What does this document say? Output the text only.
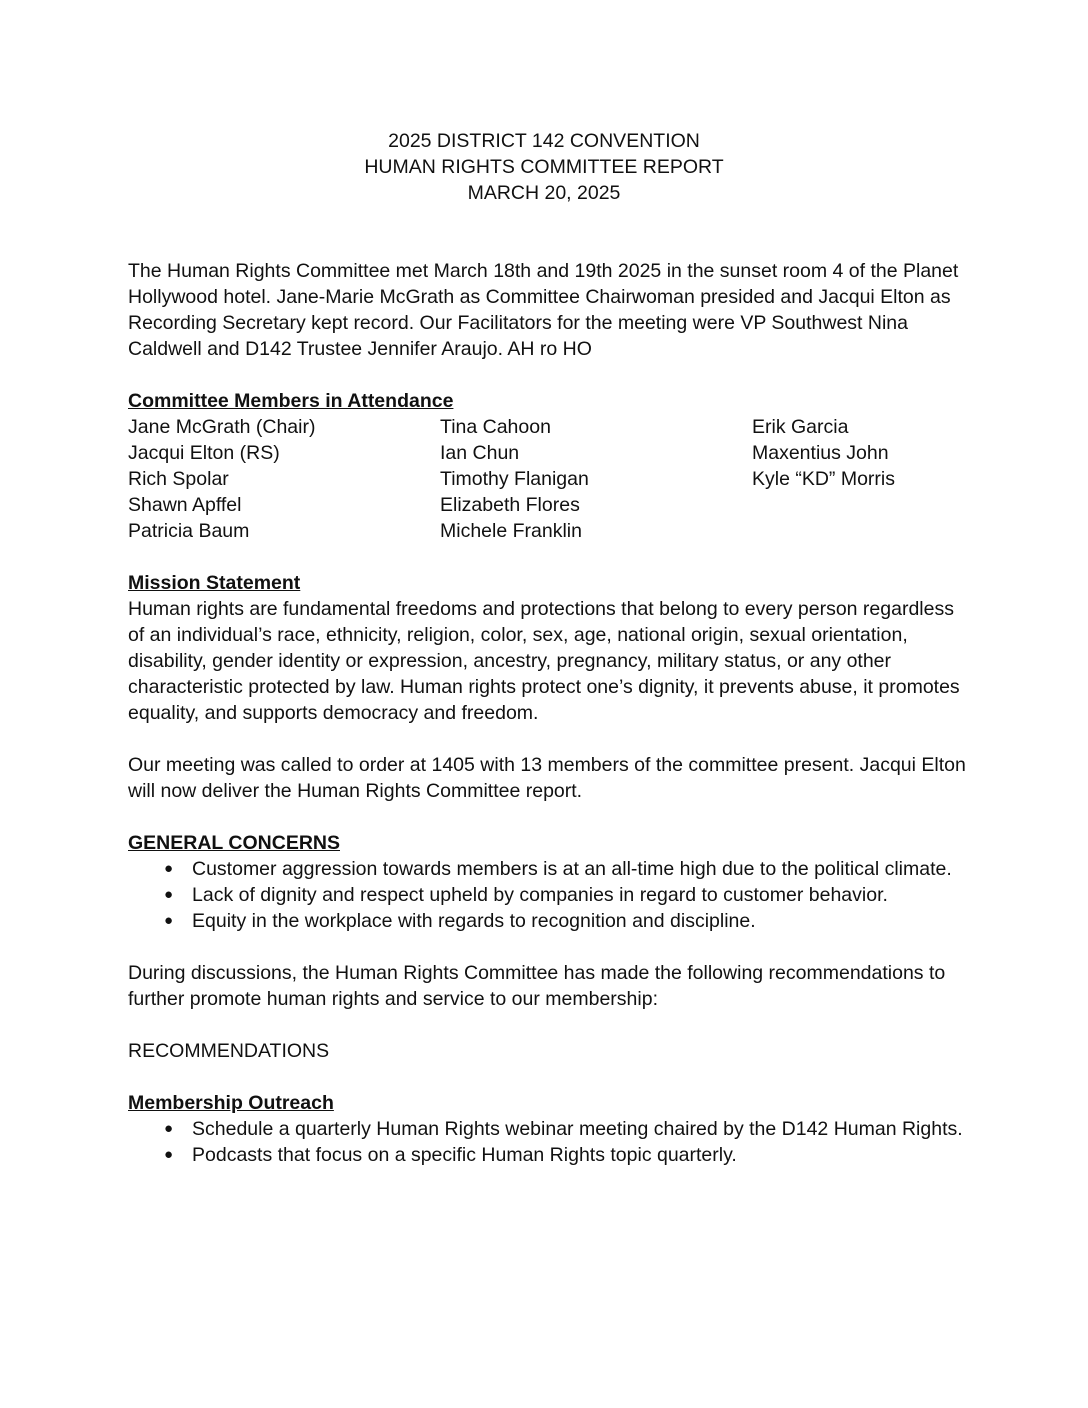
2025 DISTRICT 142 CONVENTION
HUMAN RIGHTS COMMITTEE REPORT
MARCH 20, 2025

The Human Rights Committee met March 18th and 19th 2025 in the sunset room 4 of the Planet Hollywood hotel. Jane-Marie McGrath as Committee Chairwoman presided and Jacqui Elton as Recording Secretary kept record. Our Facilitators for the meeting were VP Southwest Nina Caldwell and D142 Trustee Jennifer Araujo. AH ro HO

Committee Members in Attendance
Jane McGrath (Chair)
Jacqui Elton (RS)
Rich Spolar
Shawn Apffel
Patricia Baum
Tina Cahoon
Ian Chun
Timothy Flanigan
Elizabeth Flores
Michele Franklin
Erik Garcia
Maxentius John
Kyle “KD” Morris
Mission Statement

Human rights are fundamental freedoms and protections that belong to every person regardless of an individual’s race, ethnicity, religion, color, sex, age, national origin, sexual orientation, disability, gender identity or expression, ancestry, pregnancy, military status, or any other characteristic protected by law. Human rights protect one’s dignity, it prevents abuse, it promotes equality, and supports democracy and freedom.

Our meeting was called to order at 1405 with 13 members of the committee present. Jacqui Elton will now deliver the Human Rights Committee report.

GENERAL CONCERNS
● Customer aggression towards members is at an all-time high due to the political climate.
● Lack of dignity and respect upheld by companies in regard to customer behavior.
● Equity in the workplace with regards to recognition and discipline.

During discussions, the Human Rights Committee has made the following recommendations to further promote human rights and service to our membership:

RECOMMENDATIONS
Membership Outreach
● Schedule a quarterly Human Rights webinar meeting chaired by the D142 Human Rights.
● Podcasts that focus on a specific Human Rights topic quarterly.
